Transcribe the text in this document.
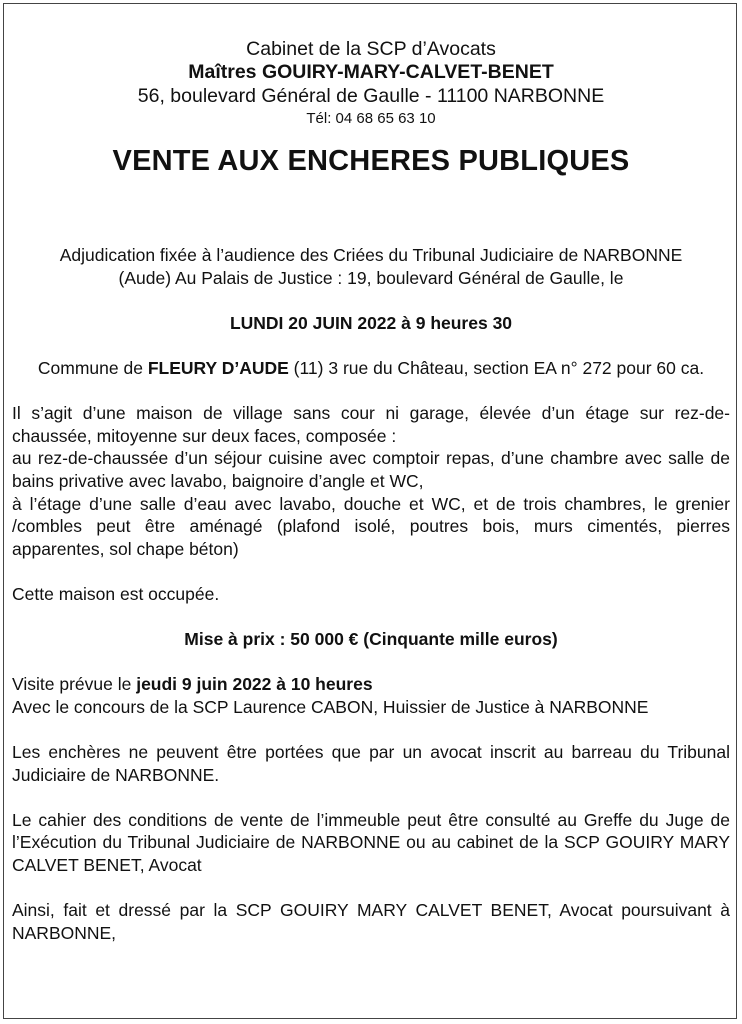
Cabinet de la SCP d’Avocats
Maîtres GOUIRY-MARY-CALVET-BENET
56, boulevard Général de Gaulle - 11100 NARBONNE
Tél: 04 68 65 63 10
VENTE AUX ENCHERES PUBLIQUES

Adjudication fixée à l’audience des Criées du Tribunal Judiciaire de NARBONNE

(Aude) Au Palais de Justice : 19, boulevard Général de Gaulle, le

LUNDI 20 JUIN 2022 à 9 heures 30

Commune de FLEURY D’AUDE (11) 3 rue du Château, section EA n° 272 pour 60 ca.

Il s’agit d’une maison de village sans cour ni garage, élevée d’un étage sur rez-de- chaussée, mitoyenne sur deux faces, composée :

au rez-de-chaussée d’un séjour cuisine avec comptoir repas, d’une chambre avec salle de bains privative avec lavabo, baignoire d’angle et WC,

à l’étage d’une salle d’eau avec lavabo, douche et WC, et de trois chambres, le grenier /combles peut être aménagé (plafond isolé, poutres bois, murs cimentés, pierres apparentes, sol chape béton)

Cette maison est occupée.

Mise à prix : 50 000 € (Cinquante mille euros)

Visite prévue le jeudi 9 juin 2022 à 10 heures

Avec le concours de la SCP Laurence CABON, Huissier de Justice à NARBONNE

Les enchères ne peuvent être portées que par un avocat inscrit au barreau du Tribunal Judiciaire de NARBONNE.

Le cahier des conditions de vente de l’immeuble peut être consulté au Greffe du Juge de l’Exécution du Tribunal Judiciaire de NARBONNE ou au cabinet de la SCP GOUIRY MARY CALVET BENET, Avocat

Ainsi, fait et dressé par la SCP GOUIRY MARY CALVET BENET, Avocat poursuivant à NARBONNE,
